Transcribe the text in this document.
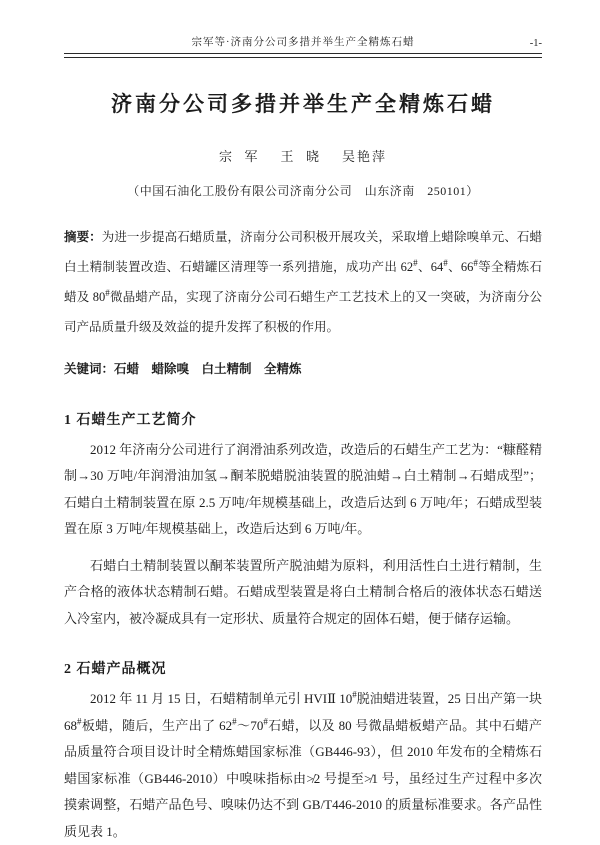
宗军等·济南分公司多措并举生产全精炼石蜡	-1-
济南分公司多措并举生产全精炼石蜡
宗  军    王  晓    吴艳萍
（中国石油化工股份有限公司济南分公司　山东济南　250101）

摘要：为进一步提高石蜡质量，济南分公司积极开展攻关，采取增上蜡除嗅单元、石蜡白土精制装置改造、石蜡罐区清理等一系列措施，成功产出 62#、64#、66#等全精炼石蜡及 80#微晶蜡产品，实现了济南分公司石蜡生产工艺技术上的又一突破，为济南分公司产品质量升级及效益的提升发挥了积极的作用。

关键词：石蜡    蜡除嗅    白土精制    全精炼
1 石蜡生产工艺简介

2012 年济南分公司进行了润滑油系列改造，改造后的石蜡生产工艺为：“糠醛精制→30 万吨/年润滑油加氢→酮苯脱蜡脱油装置的脱油蜡→白土精制→石蜡成型”；石蜡白土精制装置在原 2.5 万吨/年规模基础上，改造后达到 6 万吨/年；石蜡成型装置在原 3 万吨/年规模基础上，改造后达到 6 万吨/年。

石蜡白土精制装置以酮苯装置所产脱油蜡为原料，利用活性白土进行精制，生产合格的液体状态精制石蜡。石蜡成型装置是将白土精制合格后的液体状态石蜡送入冷室内，被冷凝成具有一定形状、质量符合规定的固体石蜡，便于储存运输。

2 石蜡产品概况

2012 年 11 月 15 日，石蜡精制单元引 HVIⅡ 10#脱油蜡进装置，25 日出产第一块 68#板蜡，随后，生产出了 62#～70#石蜡，以及 80 号微晶蜡板蜡产品。其中石蜡产品质量符合项目设计时全精炼蜡国家标准（GB446-93），但 2010 年发布的全精炼石蜡国家标准（GB446-2010）中嗅味指标由≯2 号提至≯1 号，虽经过生产过程中多次摸索调整，石蜡产品色号、嗅味仍达不到 GB/T446-2010 的质量标准要求。各产品性质见表 1。
